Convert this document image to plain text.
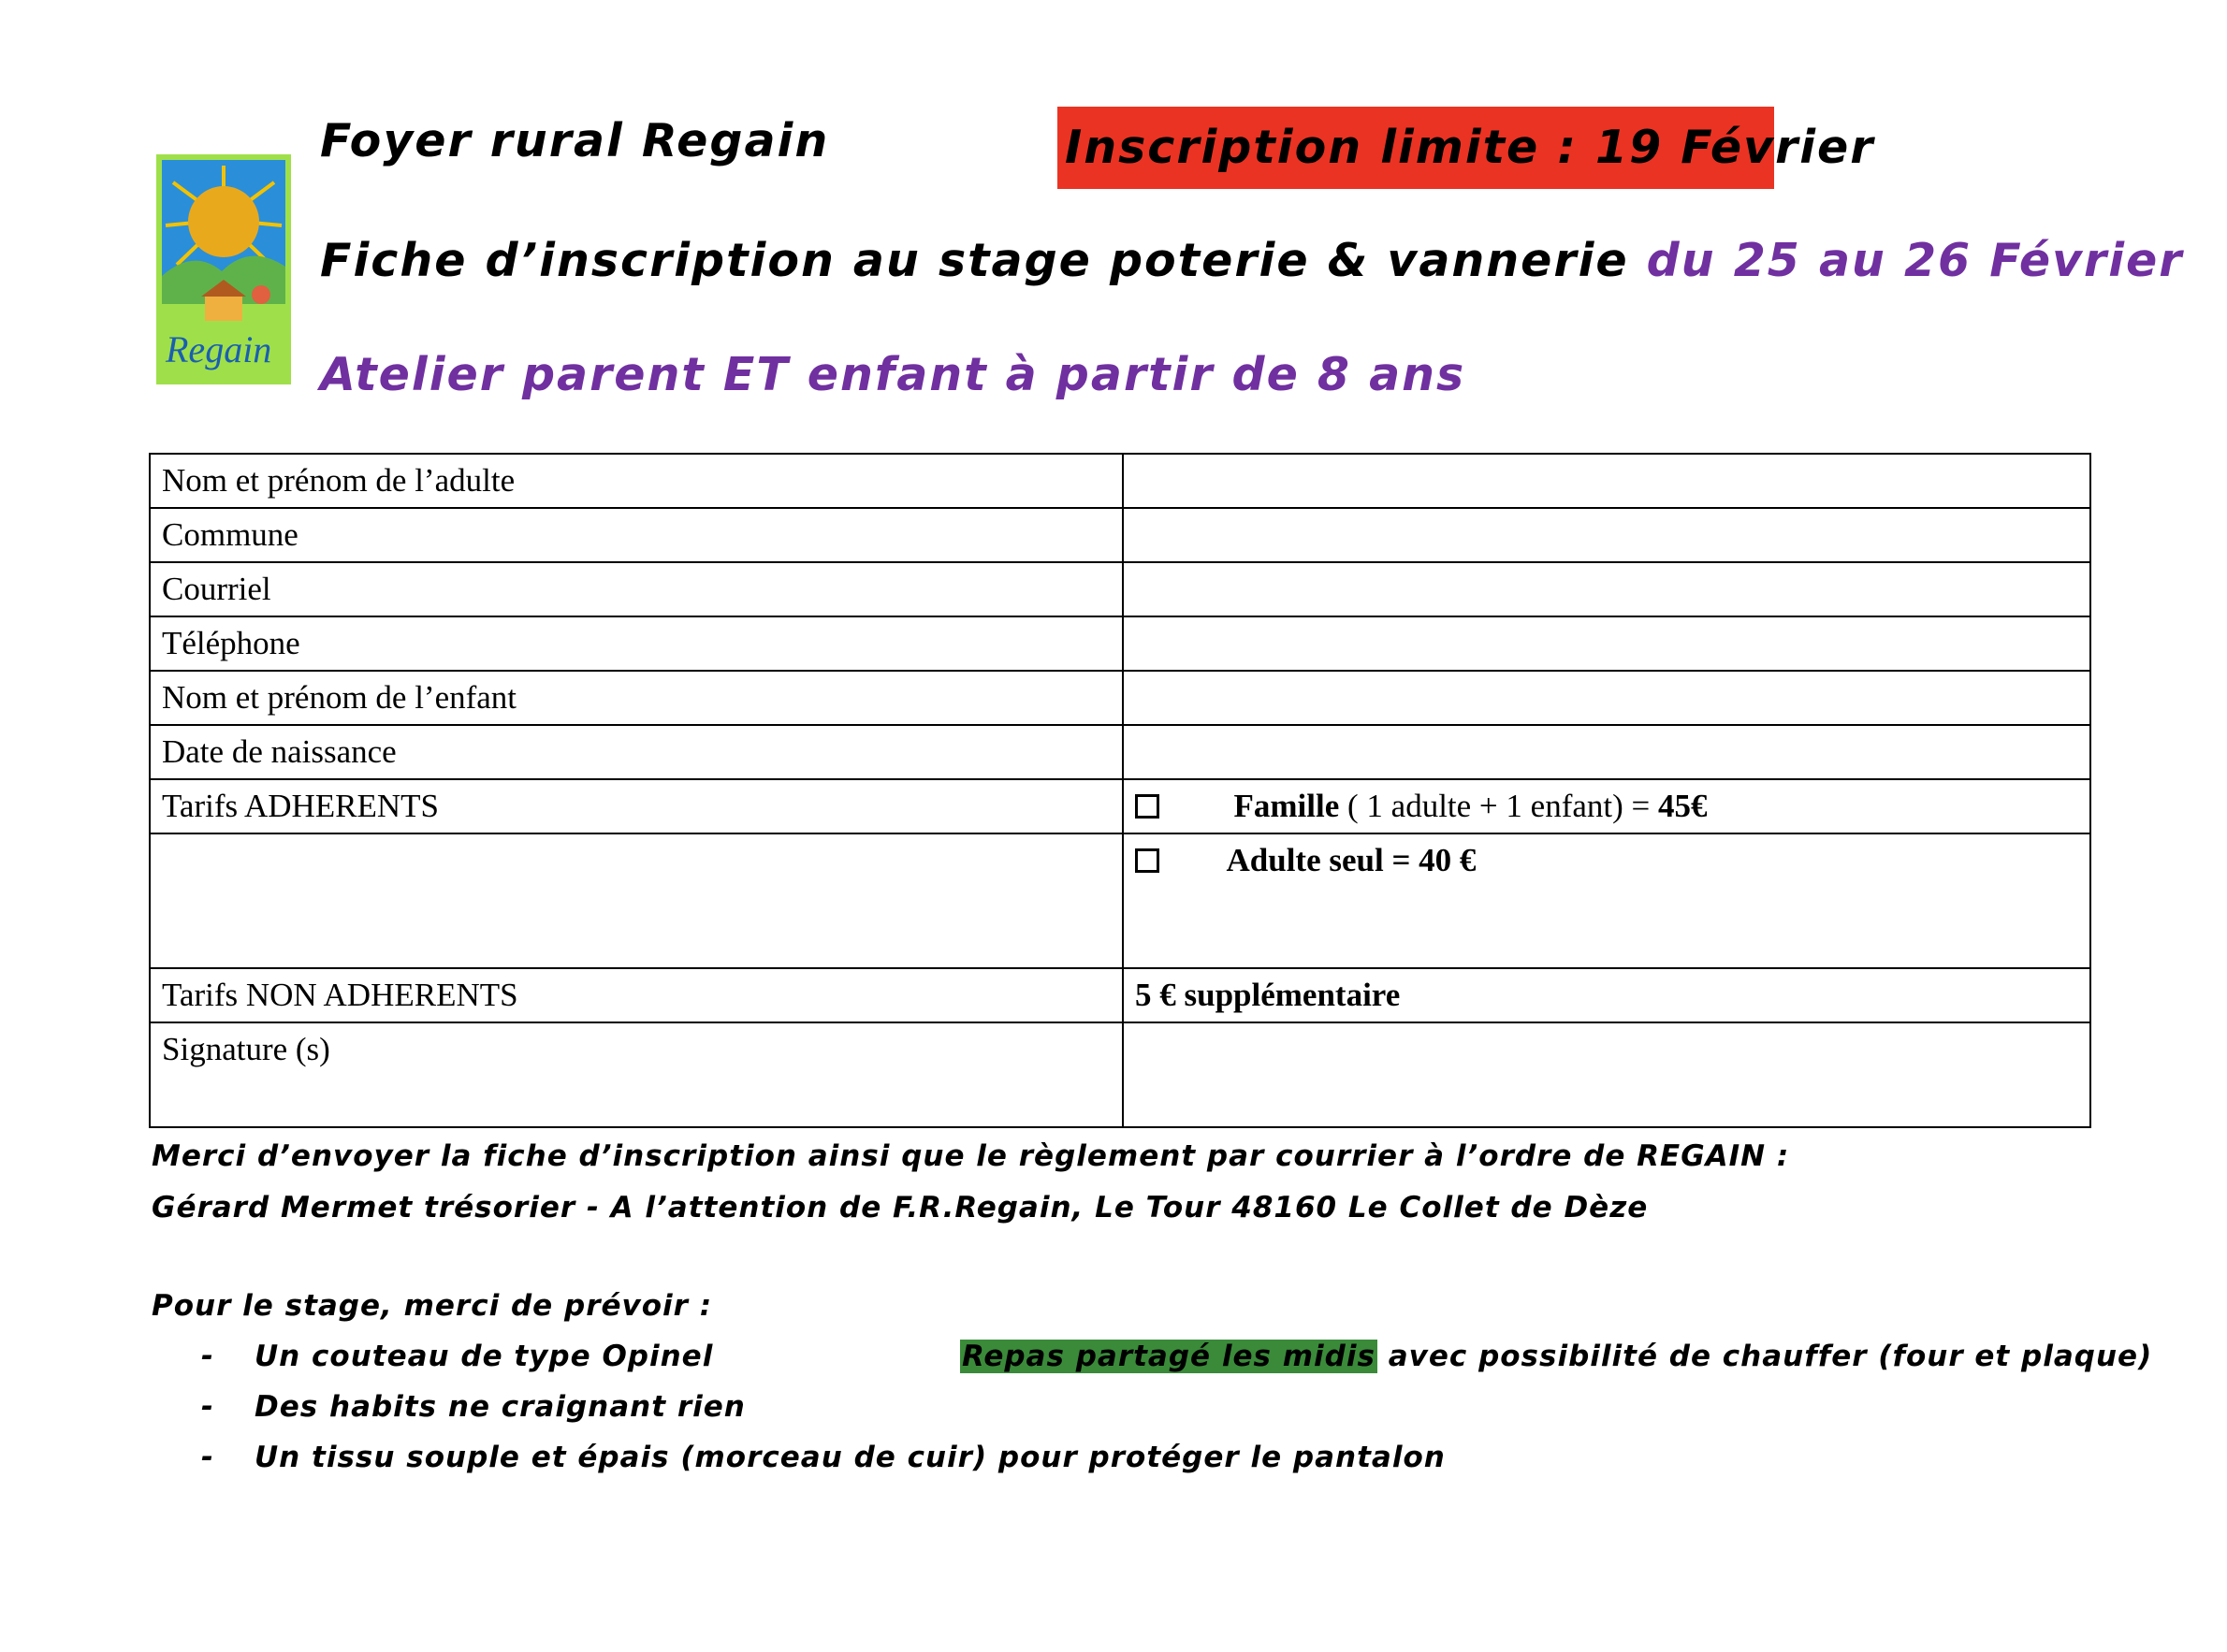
Regain
Foyer rural Regain	Inscription limite : 19 Février
Fiche d’inscription au stage poterie & vannerie du 25 au 26 Février
Atelier parent ET enfant à partir de 8 ans
Nom et prénom de l’adulte	
Commune	
Courriel	
Téléphone	
Nom et prénom de l’enfant	
Date de naissance	
Tarifs ADHERENTS	Famille ( 1 adulte + 1 enfant) = 45€
	Adulte seul = 40 €
Tarifs NON ADHERENTS	5 € supplémentaire
Signature (s)	
Merci d’envoyer la fiche d’inscription ainsi que le règlement par courrier à l’ordre de REGAIN :
Gérard Mermet trésorier - A l’attention de F.R.Regain, Le Tour 48160 Le Collet de Dèze
Pour le stage, merci de prévoir :
- Un couteau de type Opinel	Repas partagé les midis avec possibilité de chauffer (four et plaque)
- Des habits ne craignant rien
- Un tissu souple et épais (morceau de cuir) pour protéger le pantalon
